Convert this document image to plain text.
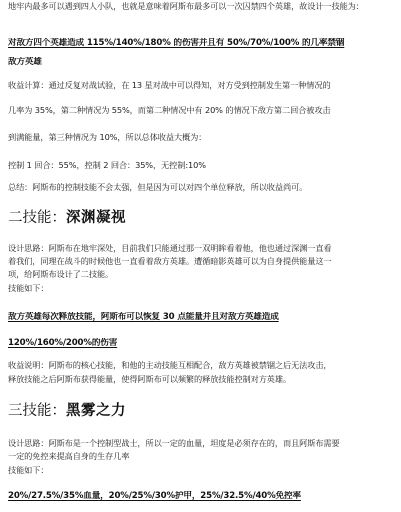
地牢内最多可以遇到四人小队，也就是意味着阿斯布最多可以一次囚禁四个英雄，故设计一技能为：
对敌方四个英雄造成 115%/140%/180% 的伤害并且有 50%/70%/100% 的几率禁锢
敌方英雄
收益计算：通过反复对战试验，在 13 星对战中可以得知，对方受到控制发生第一种情况的
几率为 35%，第二种情况为 55%，而第二种情况中有 20% 的情况下敌方第二回合被攻击
到满能量，第三种情况为 10%，所以总体收益大概为：
控制 1 回合：55%，控制 2 回合：35%，无控制:10%
总结：阿斯布的控制技能不会太强，但是因为可以对四个单位释放，所以收益尚可。
二技能：深渊凝视
设计思路：阿斯布在地牢深处，目前我们只能通过那一双明眸看着他，他也通过深渊一直看
着我们，同理在战斗的时候他也一直看着敌方英雄。遭循暗影英雄可以为自身提供能量这一
项，给阿斯布设计了二技能。
技能如下：
敌方英雄每次释放技能，阿斯布可以恢复 30 点能量并且对敌方英雄造成
120%/160%/200%的伤害
收益说明：阿斯布的核心技能，和他的主动技能互相配合，敌方英雄被禁锢之后无法攻击，
释放技能之后阿斯布获得能量，使得阿斯布可以频繁的释放技能控制对方英雄。
三技能：黑雾之力
设计思路：阿斯布是一个控制型战士，所以一定的血量，坦度是必须存在的，而且阿斯布需要
一定的免控来提高自身的生存几率
技能如下：
20%/27.5%/35%血量，20%/25%/30%护甲，25%/32.5%/40%免控率
